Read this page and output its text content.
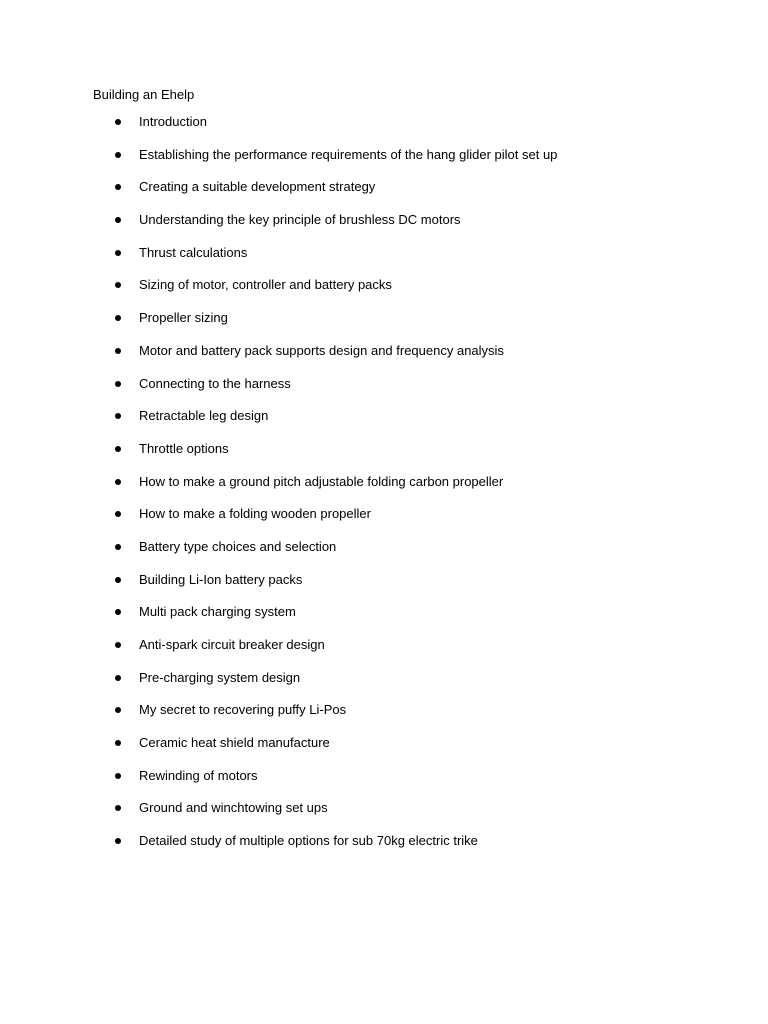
Building an Ehelp
Introduction
Establishing the performance requirements of the hang glider pilot set up
Creating a suitable development strategy
Understanding the key principle of brushless DC motors
Thrust calculations
Sizing of motor, controller and battery packs
Propeller sizing
Motor and battery pack supports design and frequency analysis
Connecting to the harness
Retractable leg design
Throttle options
How to make a ground pitch adjustable folding carbon propeller
How to make a folding wooden propeller
Battery type choices and selection
Building Li-Ion battery packs
Multi pack charging system
Anti-spark circuit breaker design
Pre-charging system design
My secret to recovering puffy Li-Pos
Ceramic heat shield manufacture
Rewinding of motors
Ground and winchtowing set ups
Detailed study of multiple options for sub 70kg electric trike
